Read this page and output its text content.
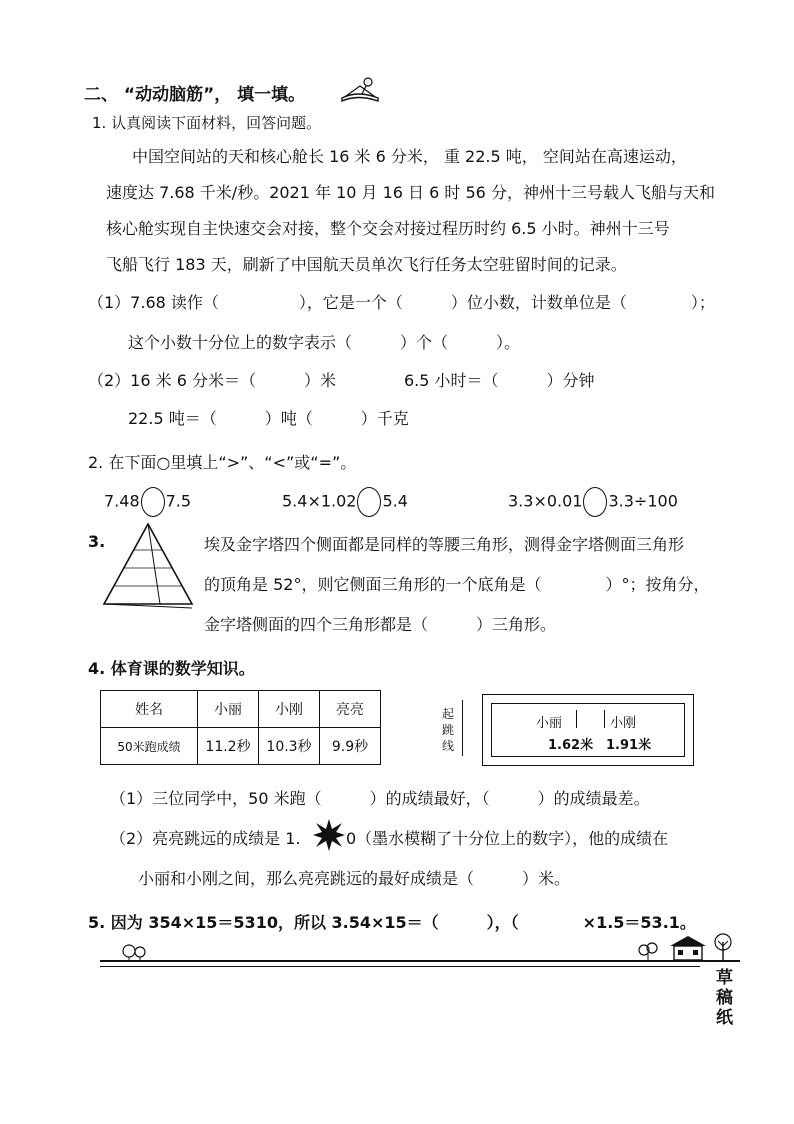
二、 “动动脑筋”， 填一填。
1. 认真阅读下面材料，回答问题。
中国空间站的天和核心舱长 16 米 6 分米， 重 22.5 吨， 空间站在高速运动，
速度达 7.68 千米/秒。2021 年 10 月 16 日 6 时 56 分，神州十三号载人飞船与天和
核心舱实现自主快速交会对接，整个交会对接过程历时约 6.5 小时。神州十三号
飞船飞行 183 天，刷新了中国航天员单次飞行任务太空驻留时间的记录。
（1）7.68 读作（　　　　　），它是一个（　　　）位小数，计数单位是（　　　　）；
这个小数十分位上的数字表示（　　　）个（　　　）。
（2）16 米 6 分米＝（　　　）米	6.5 小时＝（　　　）分钟
22.5 吨＝（　　　）吨（　　　）千克
2. 在下面○里填上“>”、“<”或“=”。
7.48 7.5	5.4×1.02 5.4	3.3×0.01 3.3÷100
3.	埃及金字塔四个侧面都是同样的等腰三角形，测得金字塔侧面三角形
的顶角是 52°，则它侧面三角形的一个底角是（　　　　）°；按角分，
金字塔侧面的四个三角形都是（　　　）三角形。
4. 体育课的数学知识。
姓名	小丽	小刚	亮亮
50米跑成绩	11.2秒	10.3秒	9.9秒
起跳线
小丽	小刚
1.62米 1.91米
（1）三位同学中，50 米跑（　　　）的成绩最好，（　　　）的成绩最差。
（2）亮亮跳远的成绩是 1.	0（墨水模糊了十分位上的数字），他的成绩在
小丽和小刚之间，那么亮亮跳远的最好成绩是（　　　）米。
5. 因为 354×15＝5310，所以 3.54×15＝（　　　），（　　　　×1.5＝53.1。
草
稿
纸
